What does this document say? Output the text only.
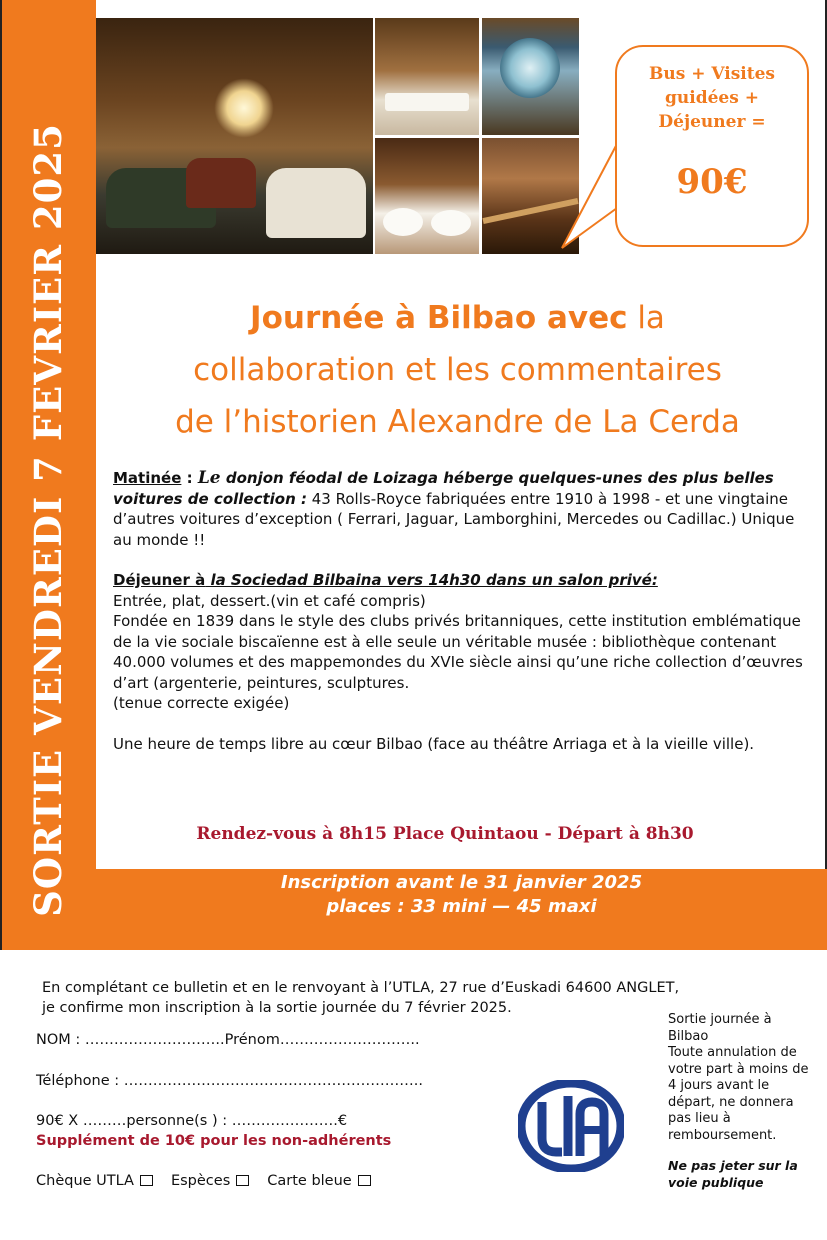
SORTIE VENDREDI 7 FEVRIER 2025
Bus + Visites
guidées +
Déjeuner =
90€
Journée à Bilbao avec la
collaboration et les commentaires
de l’historien Alexandre de La Cerda

Matinée : Le donjon féodal de Loizaga héberge quelques-unes des plus belles voitures de collection : 43 Rolls-Royce fabriquées entre 1910 à 1998 - et une vingtaine d’autres voitures d’exception ( Ferrari, Jaguar, Lamborghini, Mercedes ou Cadillac.) Unique au monde !!

Déjeuner à la Sociedad Bilbaina vers 14h30 dans un salon privé:

Entrée, plat, dessert.(vin et café compris)

Fondée en 1839 dans le style des clubs privés britanniques, cette institution emblématique de la vie sociale biscaïenne est à elle seule un véritable musée : bibliothèque contenant 40.000 volumes et des mappemondes du XVIe siècle ainsi qu’une riche collection d’œuvres d’art (argenterie, peintures, sculptures.

(tenue correcte exigée)

Une heure de temps libre au cœur Bilbao (face au théâtre Arriaga et à la vieille ville).

Rendez-vous à 8h15 Place Quintaou - Départ à 8h30
Inscription avant le 31 janvier 2025
places : 33 mini — 45 maxi
En complétant ce bulletin et en le renvoyant à l’UTLA, 27 rue d’Euskadi 64600 ANGLET,
je confirme mon inscription à la sortie journée du 7 février 2025.
NOM : ………………………..Prénom………………………..
Téléphone : ……………………………………………………..
90€ X ………personne(s ) : ………………….€
Supplément de 10€ pour les non-adhérents
Chèque UTLA	Espèces	Carte bleue
Sortie journée à
Bilbao
Toute annulation de votre part à moins de 4 jours avant le départ, ne donnera pas lieu à remboursement.
Ne pas jeter sur la voie publique
